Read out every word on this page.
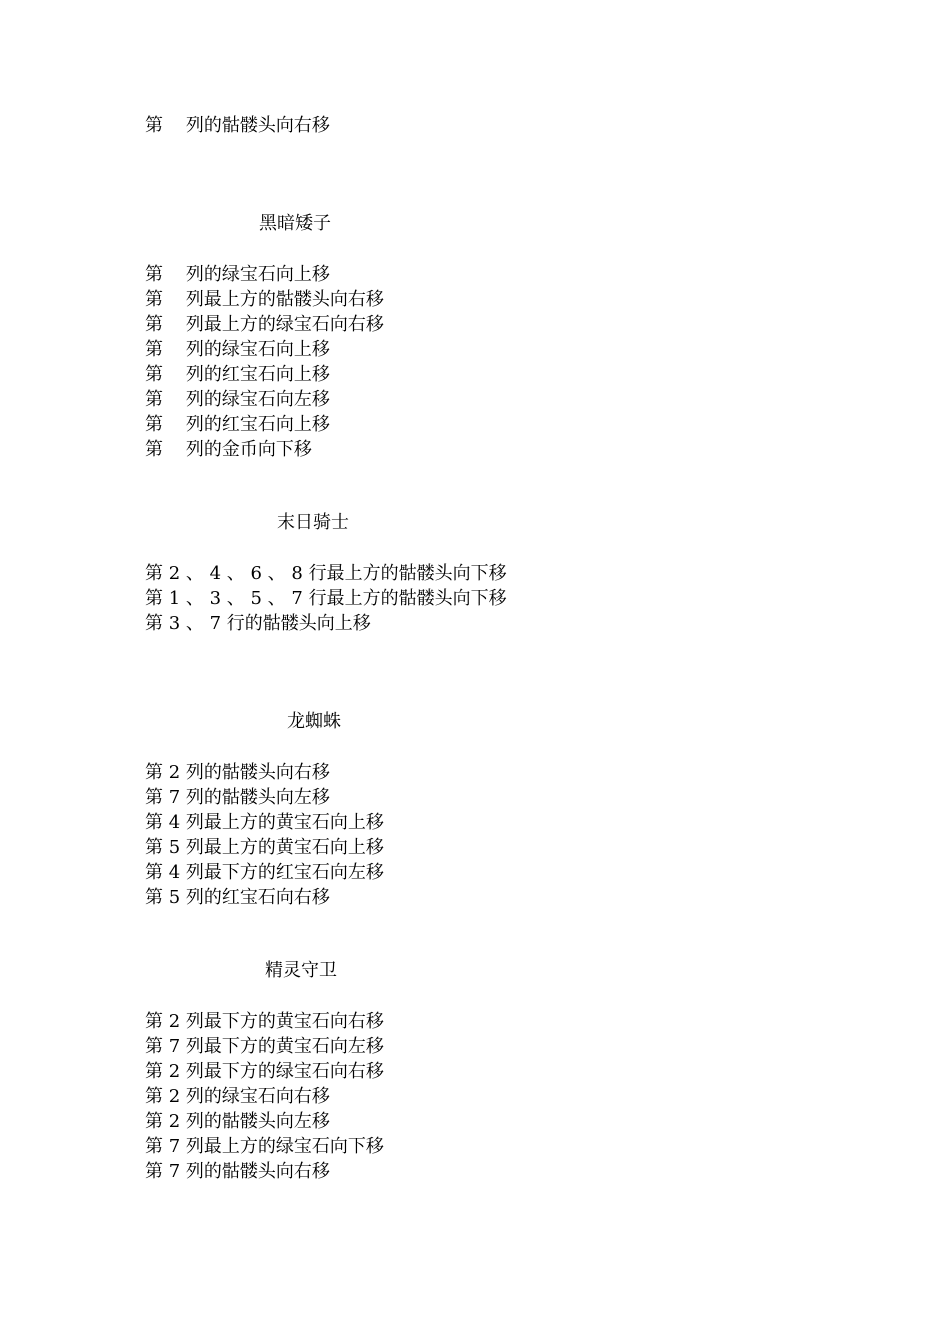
第    列的骷髅头向右移
黑暗矮子
第    列的绿宝石向上移
第    列最上方的骷髅头向右移
第    列最上方的绿宝石向右移
第    列的绿宝石向上移
第    列的红宝石向上移
第    列的绿宝石向左移
第    列的红宝石向上移
第    列的金币向下移
末日骑士
第 2 、 4 、 6 、 8 行最上方的骷髅头向下移
第 1 、 3 、 5 、 7 行最上方的骷髅头向下移
第 3 、 7 行的骷髅头向上移
龙蜘蛛
第 2 列的骷髅头向右移
第 7 列的骷髅头向左移
第 4 列最上方的黄宝石向上移
第 5 列最上方的黄宝石向上移
第 4 列最下方的红宝石向左移
第 5 列的红宝石向右移
精灵守卫
第 2 列最下方的黄宝石向右移
第 7 列最下方的黄宝石向左移
第 2 列最下方的绿宝石向右移
第 2 列的绿宝石向右移
第 2 列的骷髅头向左移
第 7 列最上方的绿宝石向下移
第 7 列的骷髅头向右移
